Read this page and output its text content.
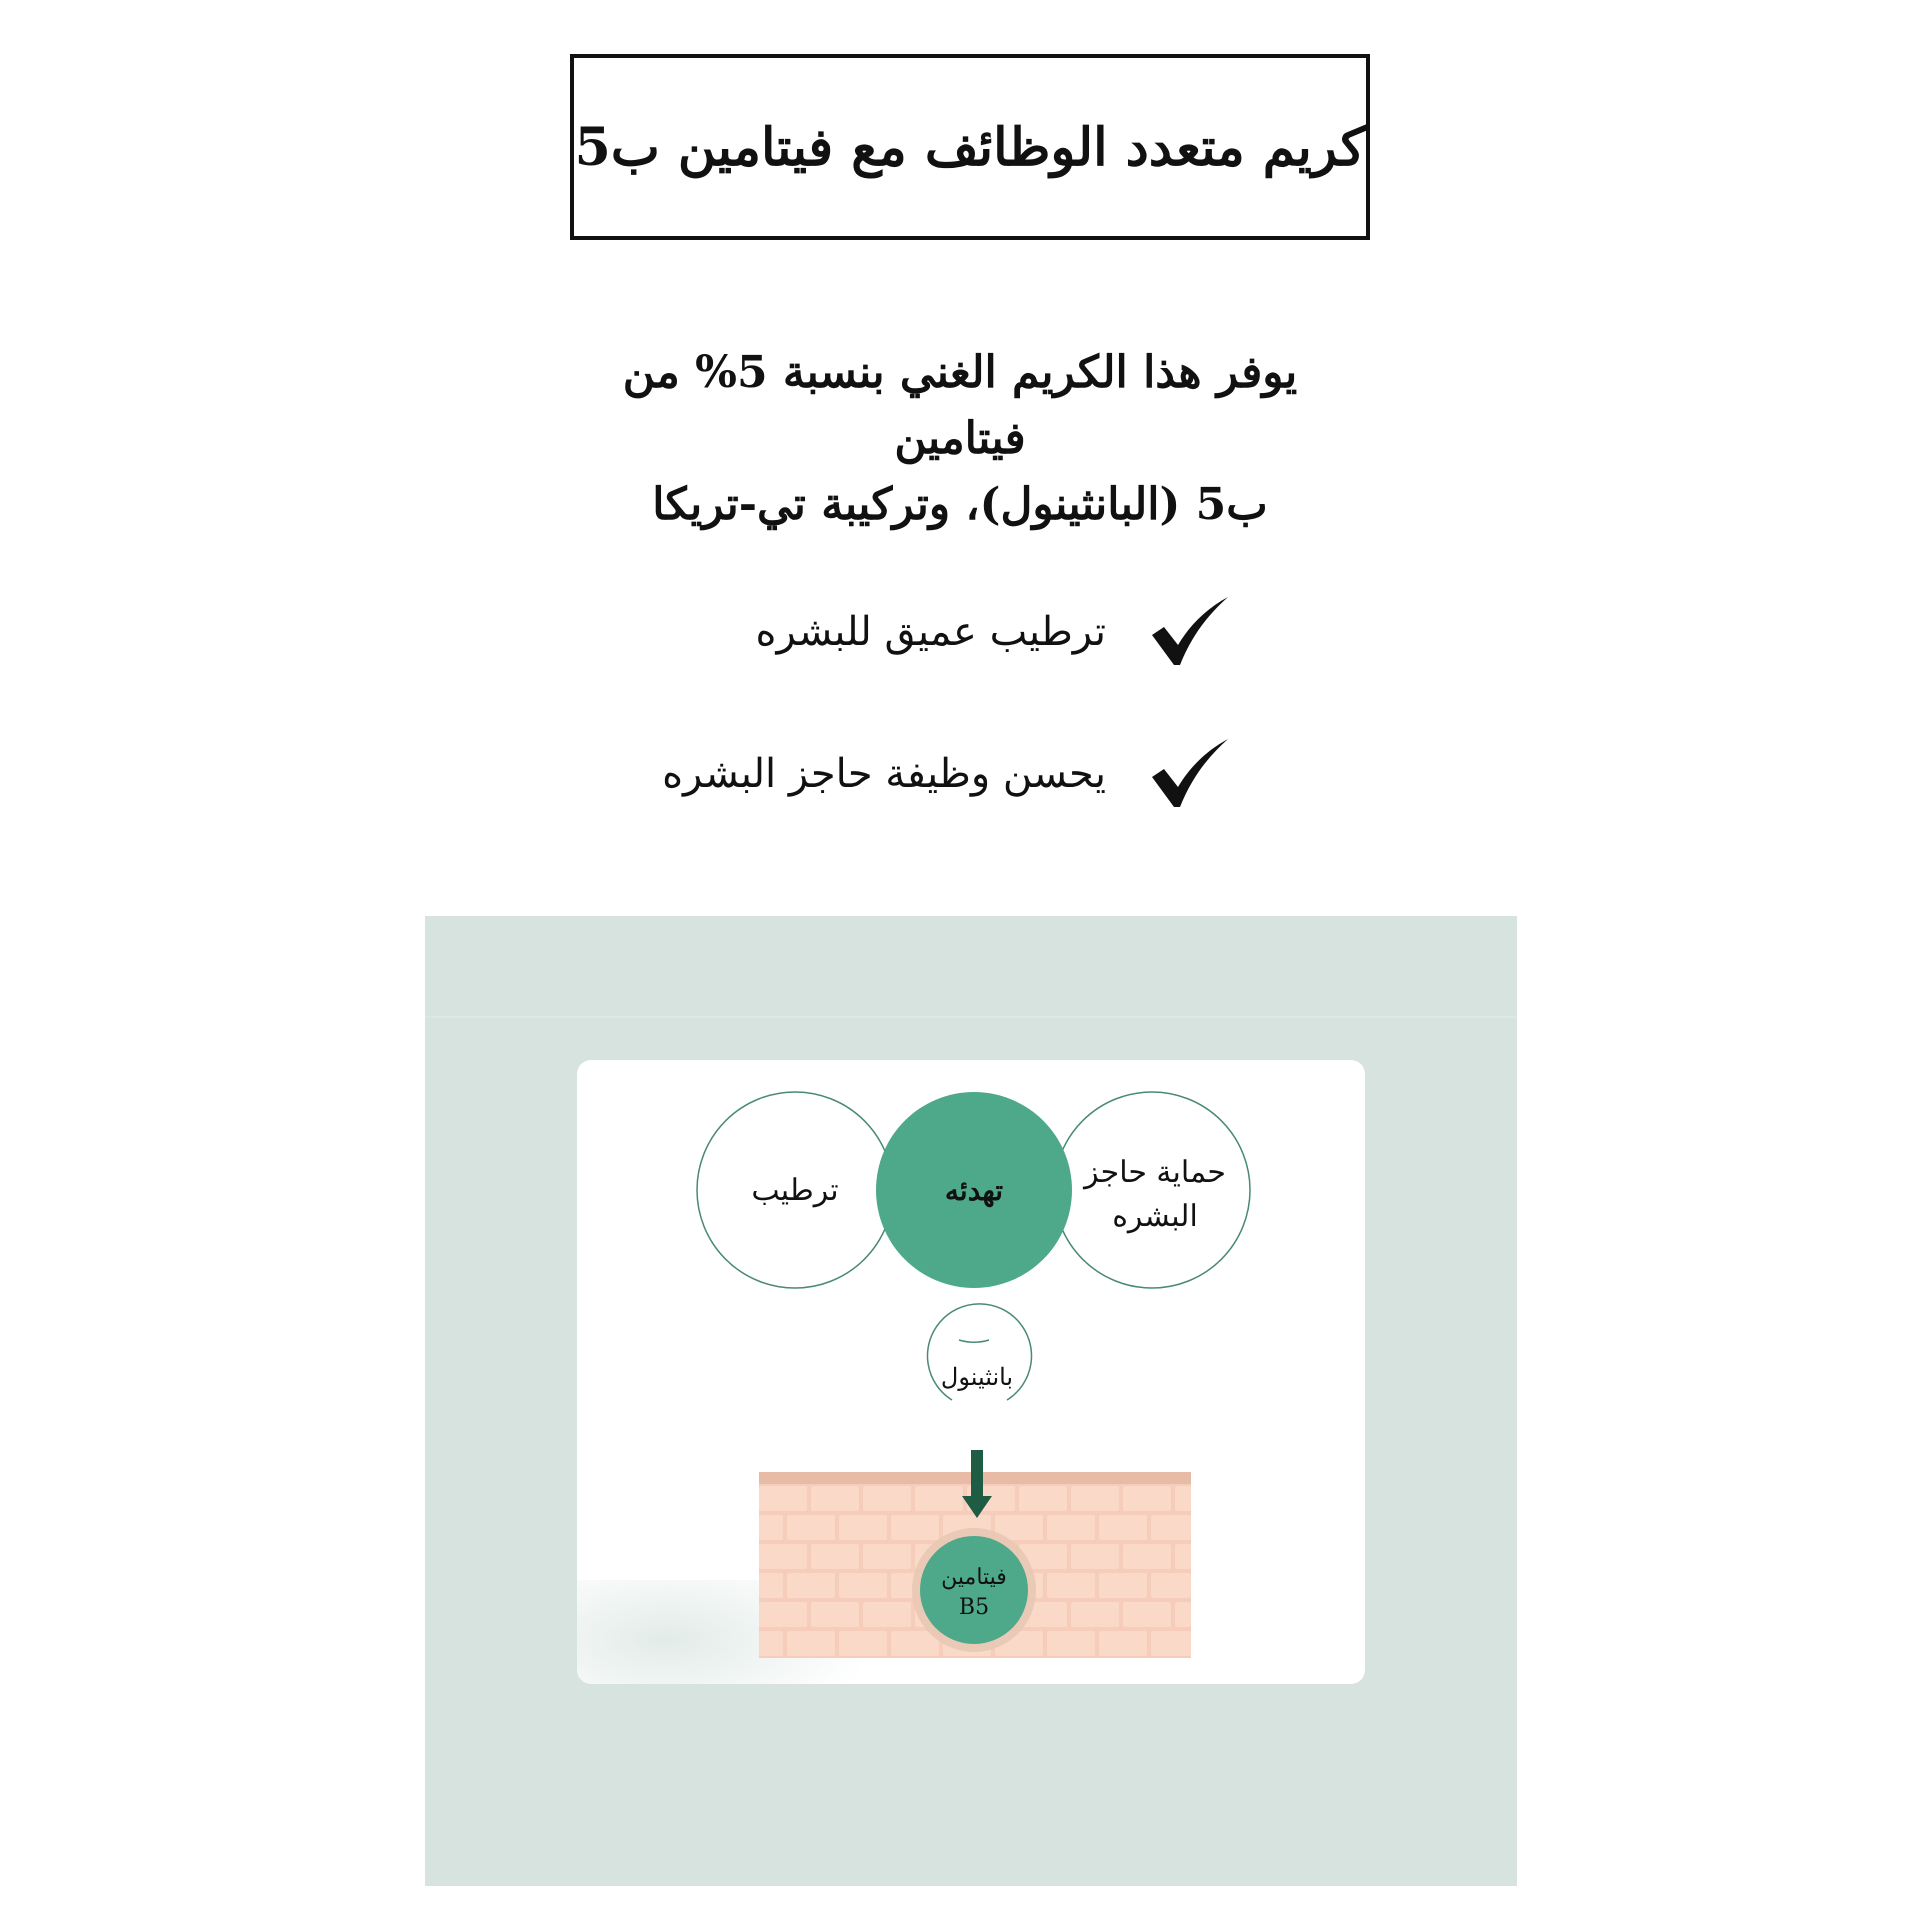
كريم متعدد الوظائف مع فيتامين ب5
يوفر هذا الكريم الغني بنسبة 5% من فيتامين
ب5 (البانثينول)، وتركيبة تي-تريكا
ترطيب عميق للبشره
يحسن وظيفة حاجز البشره
ترطيب	تهدئه
حماية حاجز
البشره
بانثينول
فيتامين
B5
